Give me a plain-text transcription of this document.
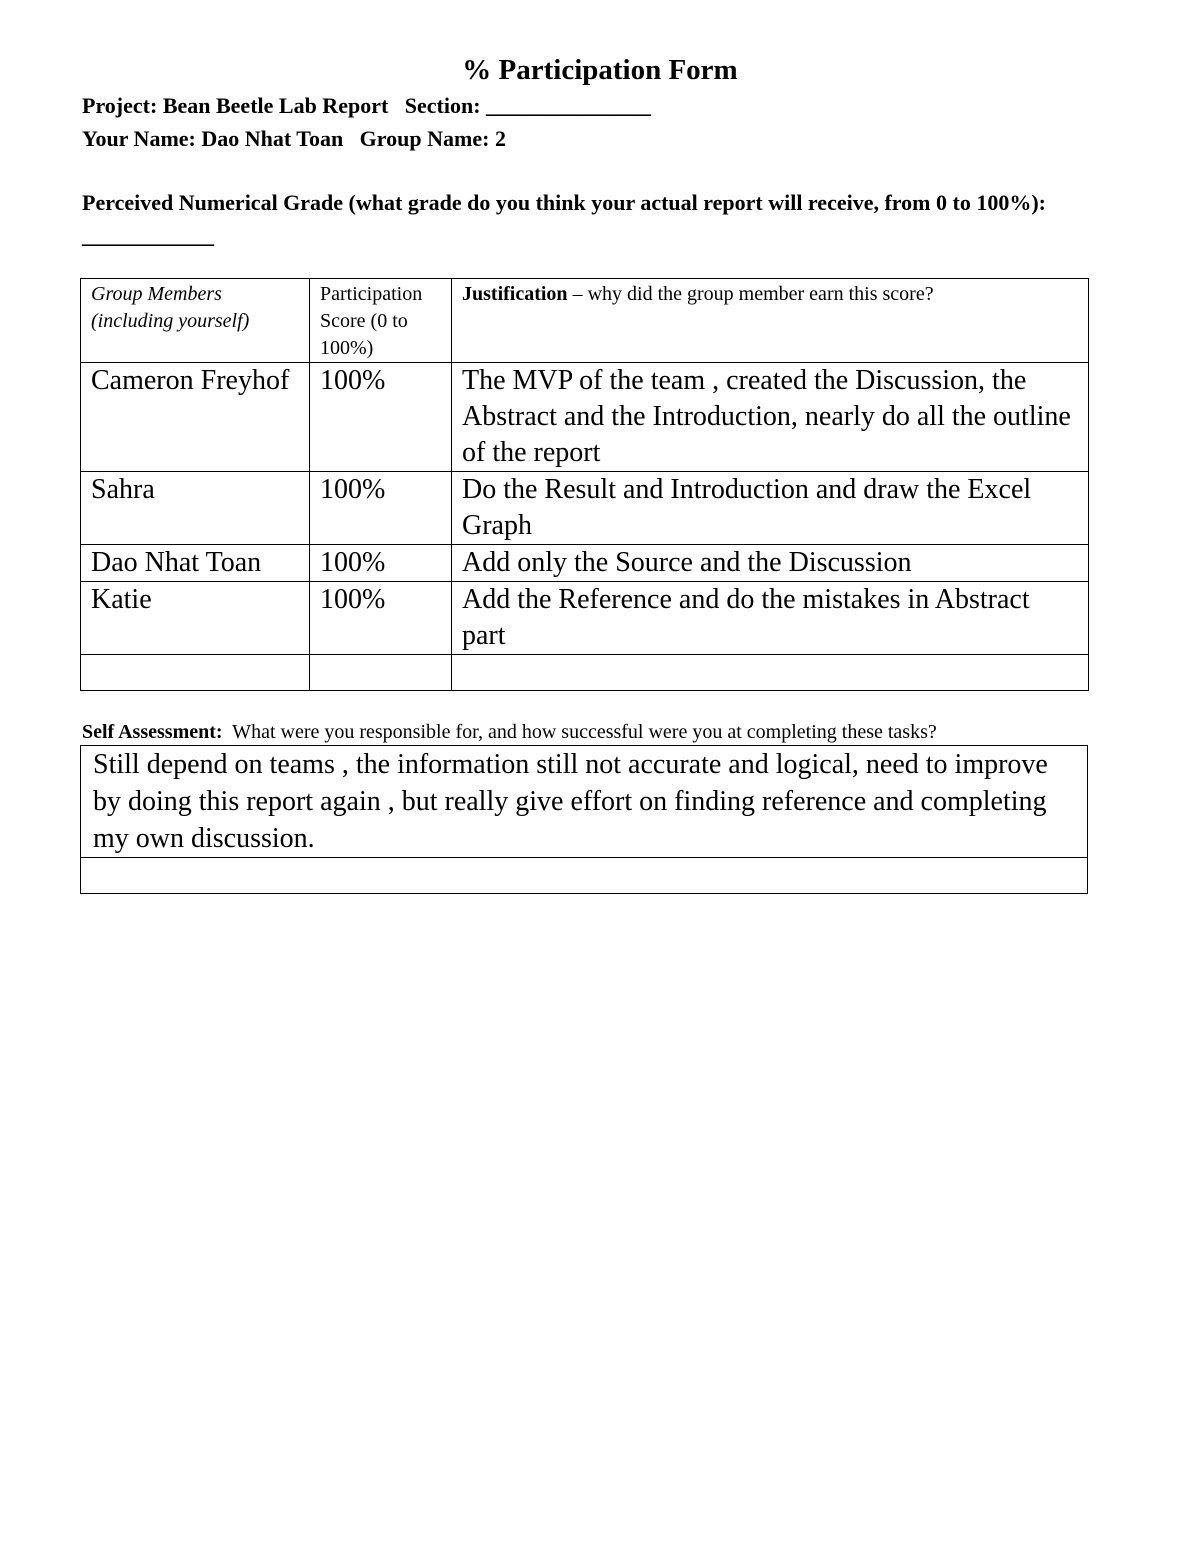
% Participation Form
Project: Bean Beetle Lab Report   Section: _______________
Your Name: Dao Nhat Toan   Group Name: 2
Perceived Numerical Grade (what grade do you think your actual report will receive, from 0 to 100%): ____________
Group Members (including yourself)	Participation Score (0 to 100%)	Justification – why did the group member earn this score?
Cameron Freyhof	100%	The MVP of the team , created the Discussion, the Abstract and the Introduction, nearly do all the outline of the report
Sahra	100%	Do the Result and Introduction and draw the Excel Graph
Dao Nhat Toan	100%	Add only the Source and the Discussion
Katie	100%	Add the Reference and do the mistakes in Abstract part

Self Assessment:  What were you responsible for, and how successful were you at completing these tasks?
Still depend on teams , the information still not accurate and logical, need to improve by doing this report again , but really give effort on finding reference and completing my own discussion.
